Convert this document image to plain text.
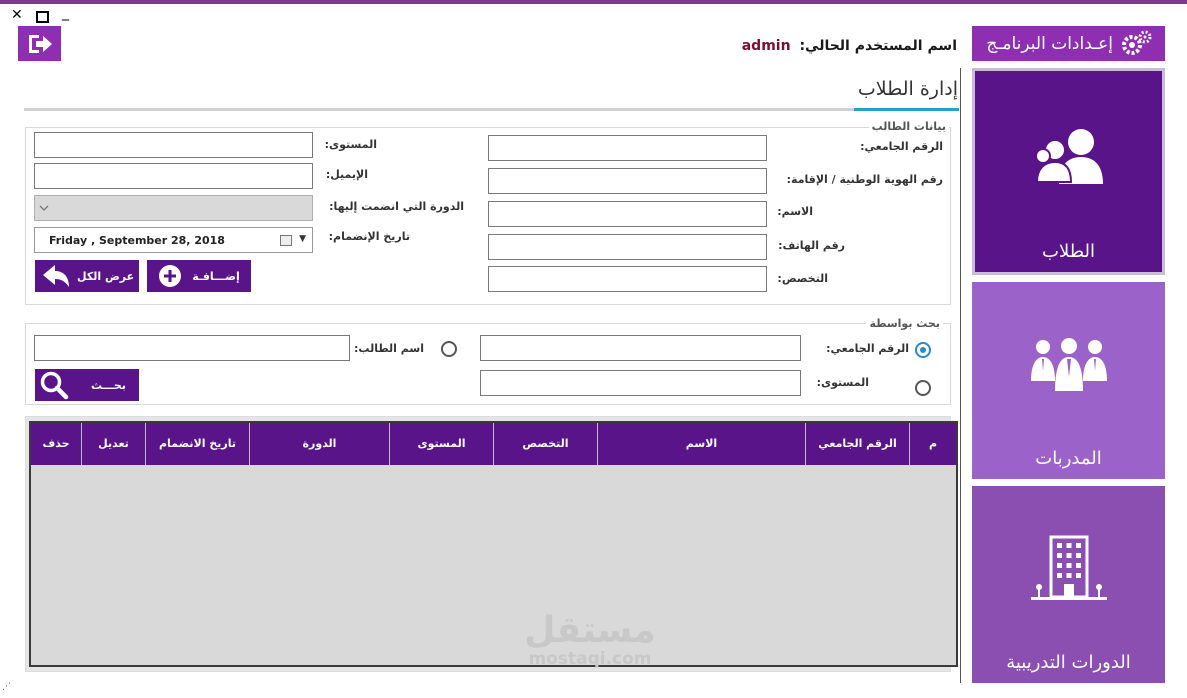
✕	_
إعـدادات البرنامـج
اسم المستخدم الحالي: admin
الطلاب
المدربات
الدورات التدريبية
إدارة الطلاب
بيانات الطالب
الرقم الجامعي:
رقم الهوية الوطنية / الإقامة:
الاسم:
رقم الهاتف:
التخصص:
المستوى:
الإيميل:
الدورة التي انضمت إليها:
تاريخ الإنضمام:
Friday , September 28, 2018	▼
إضـــافـة
عرض الكل
بحث بواسطة
الرقم الجامعي:
اسم الطالب:
المستوى:
بحـــث
م
الرقم الجامعي
الاسم
التخصص
المستوى
الدورة
تاريخ الانضمام
تعديل
حذف
مستقل
mostaqi.com
⋰
